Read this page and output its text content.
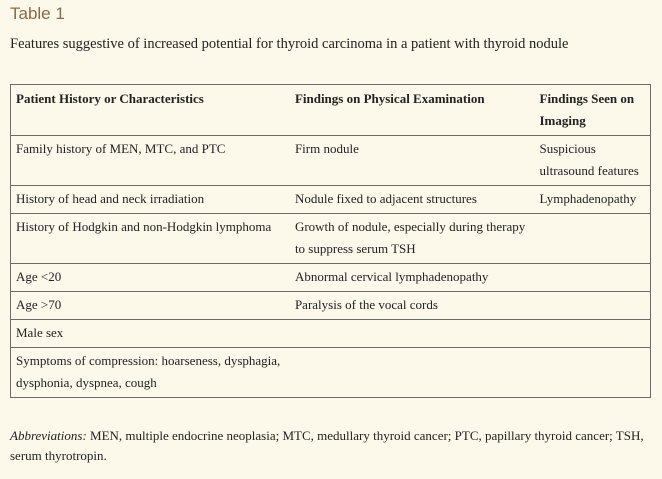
Table 1
Features suggestive of increased potential for thyroid carcinoma in a patient with thyroid nodule
Patient History or Characteristics	Findings on Physical Examination	Findings Seen on Imaging
Family history of MEN, MTC, and PTC	Firm nodule	Suspicious ultrasound features
History of head and neck irradiation	Nodule fixed to adjacent structures	Lymphadenopathy
History of Hodgkin and non-Hodgkin lymphoma	Growth of nodule, especially during therapy to suppress serum TSH	
Age <20	Abnormal cervical lymphadenopathy	
Age >70	Paralysis of the vocal cords	
Male sex		
Symptoms of compression: hoarseness, dysphagia, dysphonia, dyspnea, cough		
Abbreviations: MEN, multiple endocrine neoplasia; MTC, medullary thyroid cancer; PTC, papillary thyroid cancer; TSH, serum thyrotropin.
